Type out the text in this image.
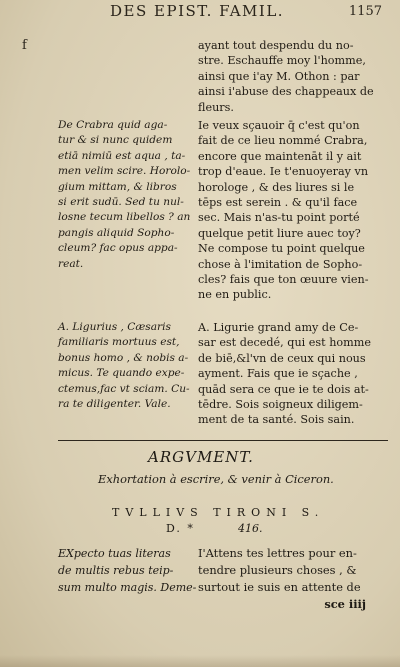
DES EPIST. FAMIL.	1157
f	ayant tout despendu du no-
stre. Eschauffe moy l'homme,
ainsi que i'ay M. Othon : par
ainsi i'abuse des chappeaux de
fleurs.
De Crabra quid aga-
tur & si nunc quidem
etiā nimiū est aqua , ta-
men velim scire. Horolo-
gium mittam, & libros
si erit sudū. Sed tu nul-
losne tecum libellos ? an
pangis aliquid Sopho-
cleum? fac opus appa-
reat.
Ie veux sçauoir q̄ c'est qu'on
fait de ce lieu nommé Crabra,
encore que maintenāt il y ait
trop d'eaue. Ie t'enuoyeray vn
horologe , & des liures si le
tēps est serein . & qu'il face
sec. Mais n'as-tu point porté
quelque petit liure auec toy?
Ne compose tu point quelque
chose à l'imitation de Sopho-
cles? fais que ton œuure vien-
ne en public.
A. Ligurius , Cæsaris
familiaris mortuus est,
bonus homo , & nobis a-
micus. Te quando expe-
ctemus,fac vt sciam. Cu-
ra te diligenter. Vale.
A. Ligurie grand amy de Ce-
sar est decedé, qui est homme
de biē,&l'vn de ceux qui nous
ayment. Fais que ie sçache ,
quād sera ce que ie te dois at-
tēdre. Sois soigneux diligem-
ment de ta santé. Sois sain.
ARGVMENT.
Exhortation à escrire, & venir à Ciceron.
TVLLIVS TIRONI S.
D. *	416.
EXpecto tuas literas
de multis rebus teip-
sum multo magis. Deme-
I'Attens tes lettres pour en-
tendre plusieurs choses , &
surtout ie suis en attente de
sce iiij
